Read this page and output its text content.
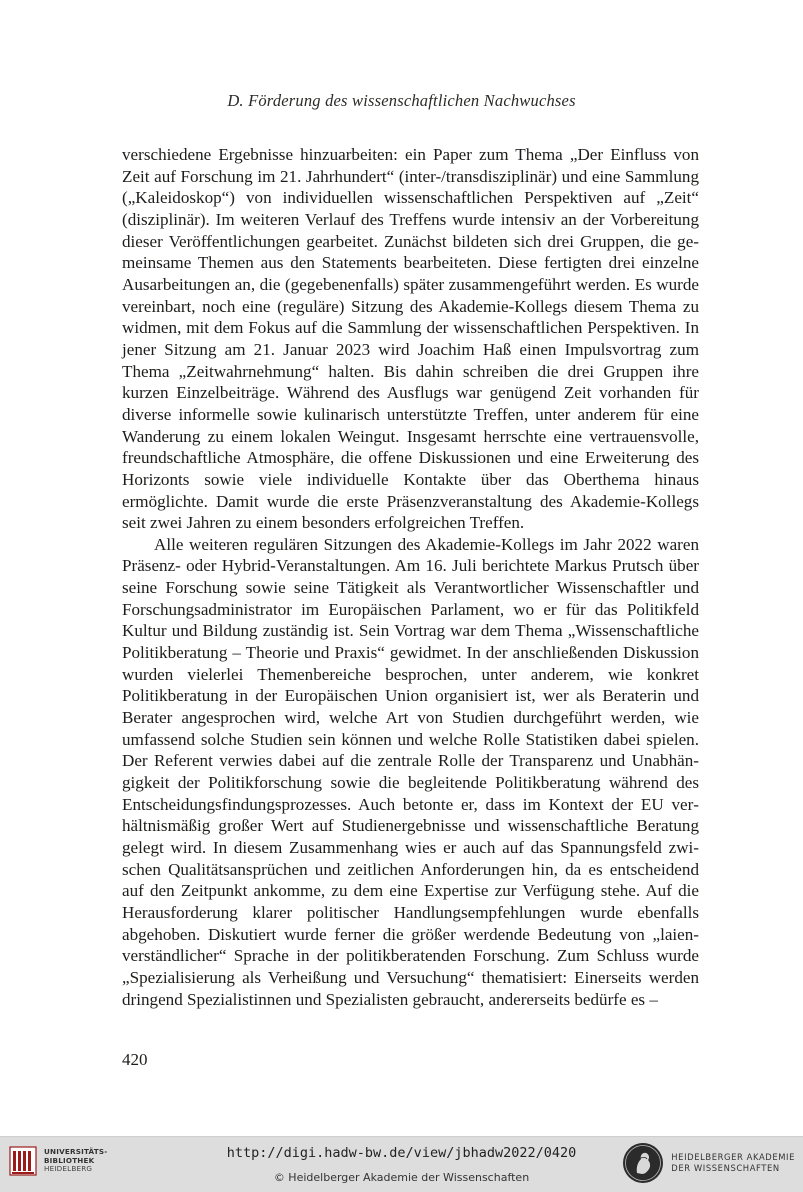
D. Förderung des wissenschaftlichen Nachwuchses

verschiedene Ergebnisse hinzuarbeiten: ein Paper zum Thema „Der Einfluss von Zeit auf Forschung im 21. Jahrhundert“ (inter-/transdisziplinär) und eine Sammlung („Kaleidoskop“) von individuellen wissenschaftlichen Perspektiven auf „Zeit“ (disziplinär). Im weiteren Verlauf des Treffens wurde intensiv an der Vorbereitung dieser Veröffentlichungen gearbeitet. Zunächst bildeten sich drei Gruppen, die gemeinsame Themen aus den Statements bearbeiteten. Diese fertigten drei einzelne Ausarbeitungen an, die (gegebenenfalls) später zusammengeführt werden. Es wurde vereinbart, noch eine (reguläre) Sitzung des Akademie-Kollegs diesem Thema zu widmen, mit dem Fokus auf die Sammlung der wissenschaftlichen Perspektiven. In jener Sitzung am 21. Januar 2023 wird Joachim Haß einen Impulsvortrag zum Thema „Zeitwahrnehmung“ halten. Bis dahin schreiben die drei Gruppen ihre kurzen Einzelbeiträge. Während des Ausflugs war genügend Zeit vorhanden für diverse informelle sowie kulinarisch unterstützte Treffen, unter anderem für eine Wanderung zu einem lokalen Weingut. Insgesamt herrschte eine vertrauensvolle, freundschaftliche Atmosphäre, die offene Diskussionen und eine Erweiterung des Horizonts sowie viele individuelle Kontakte über das Oberthema hinaus ermöglichte. Damit wurde die erste Präsenzveranstaltung des Akademie-Kollegs seit zwei Jahren zu einem besonders erfolgreichen Treffen.

Alle weiteren regulären Sitzungen des Akademie-Kollegs im Jahr 2022 waren Präsenz- oder Hybrid-Veranstaltungen. Am 16. Juli berichtete Markus Prutsch über seine Forschung sowie seine Tätigkeit als Verantwortlicher Wissenschaftler und Forschungsadministrator im Europäischen Parlament, wo er für das Politikfeld Kultur und Bildung zuständig ist. Sein Vortrag war dem Thema „Wissenschaftliche Politikberatung – Theorie und Praxis“ gewidmet. In der anschließenden Diskussion wurden vielerlei Themenbereiche besprochen, unter anderem, wie konkret Politikberatung in der Europäischen Union organisiert ist, wer als Beraterin und Berater angesprochen wird, welche Art von Studien durchgeführt werden, wie umfassend solche Studien sein können und welche Rolle Statistiken dabei spielen. Der Referent verwies dabei auf die zentrale Rolle der Transparenz und Unabhängigkeit der Politikforschung sowie die begleitende Politikberatung während des Entscheidungsfindungsprozesses. Auch betonte er, dass im Kontext der EU verhältnismäßig großer Wert auf Studienergebnisse und wissenschaftliche Beratung gelegt wird. In diesem Zusammenhang wies er auch auf das Spannungsfeld zwischen Qualitätsansprüchen und zeitlichen Anforderungen hin, da es entscheidend auf den Zeitpunkt ankomme, zu dem eine Expertise zur Verfügung stehe. Auf die Herausforderung klarer politischer Handlungsempfehlungen wurde ebenfalls abgehoben. Diskutiert wurde ferner die größer werdende Bedeutung von „laienverständlicher“ Sprache in der politikberatenden Forschung. Zum Schluss wurde „Spezialisierung als Verheißung und Versuchung“ thematisiert: Einerseits werden dringend Spezialistinnen und Spezialisten gebraucht, andererseits bedürfe es –

420
UNIVERSITÄTS-
BIBLIOTHEK
HEIDELBERG
http://digi.hadw-bw.de/view/jbhadw2022/0420
© Heidelberger Akademie der Wissenschaften
HEIDELBERGER AKADEMIE
DER WISSENSCHAFTEN
